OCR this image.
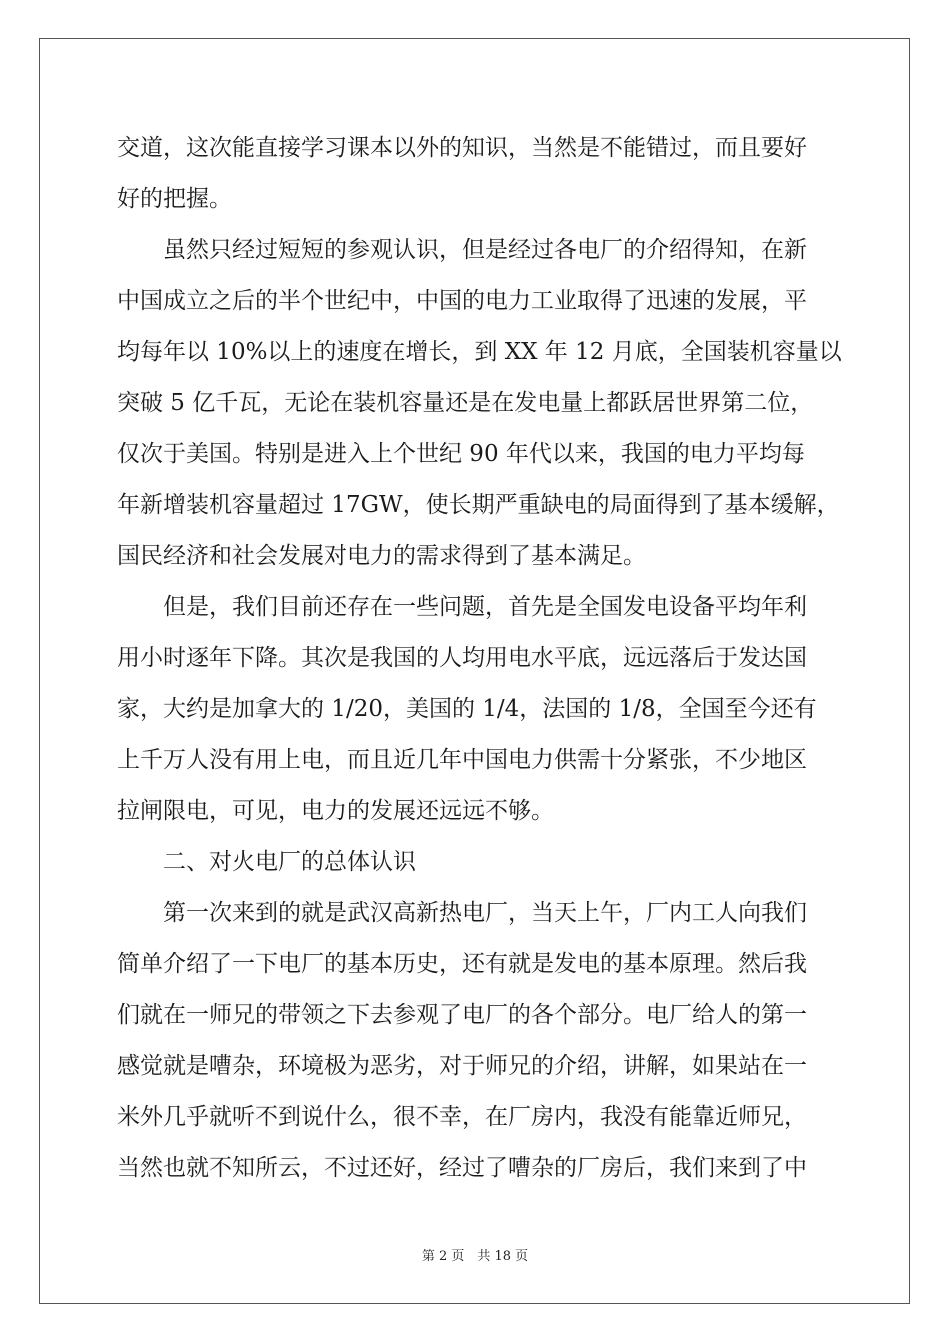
交道，这次能直接学习课本以外的知识，当然是不能错过，而且要好
好的把握。
虽然只经过短短的参观认识，但是经过各电厂的介绍得知，在新
中国成立之后的半个世纪中，中国的电力工业取得了迅速的发展，平
均每年以 10%以上的速度在增长，到 XX 年 12 月底，全国装机容量以
突破 5 亿千瓦，无论在装机容量还是在发电量上都跃居世界第二位，
仅次于美国。特别是进入上个世纪 90 年代以来，我国的电力平均每
年新增装机容量超过 17GW，使长期严重缺电的局面得到了基本缓解，
国民经济和社会发展对电力的需求得到了基本满足。
但是，我们目前还存在一些问题，首先是全国发电设备平均年利
用小时逐年下降。其次是我国的人均用电水平底，远远落后于发达国
家，大约是加拿大的 1/20，美国的 1/4，法国的 1/8，全国至今还有
上千万人没有用上电，而且近几年中国电力供需十分紧张，不少地区
拉闸限电，可见，电力的发展还远远不够。
二、对火电厂的总体认识
第一次来到的就是武汉高新热电厂，当天上午，厂内工人向我们
简单介绍了一下电厂的基本历史，还有就是发电的基本原理。然后我
们就在一师兄的带领之下去参观了电厂的各个部分。电厂给人的第一
感觉就是嘈杂，环境极为恶劣，对于师兄的介绍，讲解，如果站在一
米外几乎就听不到说什么，很不幸，在厂房内，我没有能靠近师兄，
当然也就不知所云，不过还好，经过了嘈杂的厂房后，我们来到了中
第 2 页　共 18 页
